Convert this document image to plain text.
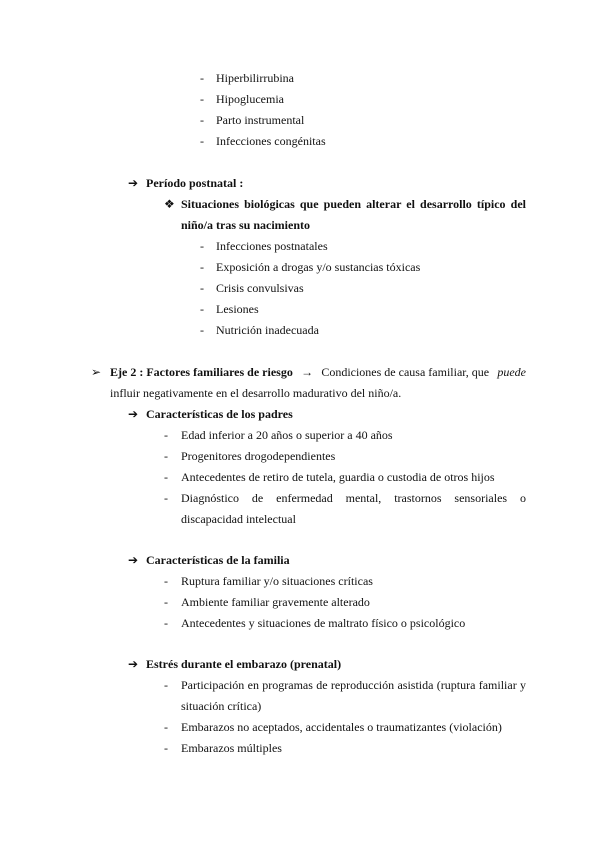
- Hiperbilirrubina
- Hipoglucemia
- Parto instrumental
- Infecciones congénitas
➔ Período postnatal :
❖ Situaciones biológicas que pueden alterar el desarrollo típico del
niño/a tras su nacimiento
- Infecciones postnatales
- Exposición a drogas y/o sustancias tóxicas
- Crisis convulsivas
- Lesiones
- Nutrición inadecuada
➢ Eje 2 : Factores familiares de riesgo → Condiciones de causa familiar, que puede
influir negativamente en el desarrollo madurativo del niño/a.
➔ Características de los padres
- Edad inferior a 20 años o superior a 40 años
- Progenitores drogodependientes
- Antecedentes de retiro de tutela, guardia o custodia de otros hijos
- Diagnóstico de enfermedad mental, trastornos sensoriales o
discapacidad intelectual
➔ Características de la familia
- Ruptura familiar y/o situaciones críticas
- Ambiente familiar gravemente alterado
- Antecedentes y situaciones de maltrato físico o psicológico
➔ Estrés durante el embarazo (prenatal)
- Participación en programas de reproducción asistida (ruptura familiar y
situación crítica)
- Embarazos no aceptados, accidentales o traumatizantes (violación)
- Embarazos múltiples
